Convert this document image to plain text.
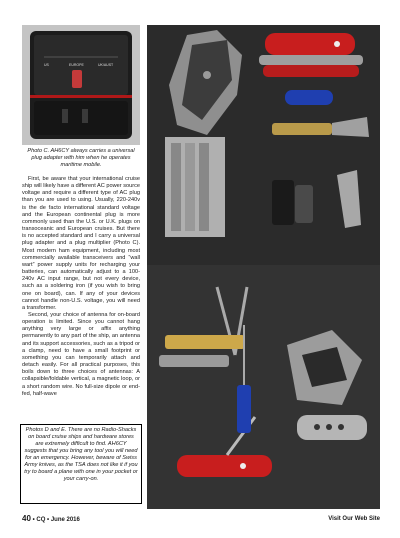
US	EUROPE	UK/AUST
Photo C. AH6CY always carries a universal plug adapter with him when he operates maritime mobile.

First, be aware that your international cruise ship will likely have a different AC power source voltage and require a different type of AC plug than you are used to using. Usually, 220-240v is the de facto international standard voltage and the European continental plug is more commonly used than the U.S. or U.K. plugs on transoceanic and European cruises. But there is no accepted standard and I carry a universal plug adapter and a plug multiplier (Photo C). Most modern ham equipment, including most commercially available transceivers and “wall wart” power supply units for recharging your batteries, can automatically adjust to a 100-240v AC input range, but not every device, such as a soldering iron (if you wish to bring one on board), can. If any of your devices cannot handle non-U.S. voltage, you will need a transformer.

Second, your choice of antenna for on-board operation is limited. Since you cannot hang anything very large or affix anything permanently to any part of the ship, an antenna and its support accessories, such as a tripod or a clamp, need to have a small footprint or something you can temporarily attach and detach easily. For all practical purposes, this boils down to three choices of antennas: A collapsible/foldable vertical, a magnetic loop, or a short random wire. No full-size dipole or end-fed, half-wave

Photos D and E. There are no Radio-Shacks on board cruise ships and hardware stores are extremely difficult to find. AH6CY suggests that you bring any tool you will need for an emergency. However, beware of Swiss Army knives, as the TSA does not like it if you try to board a plane with one in your pocket or your carry-on.
40 • CQ • June 2016	Visit Our Web Site
